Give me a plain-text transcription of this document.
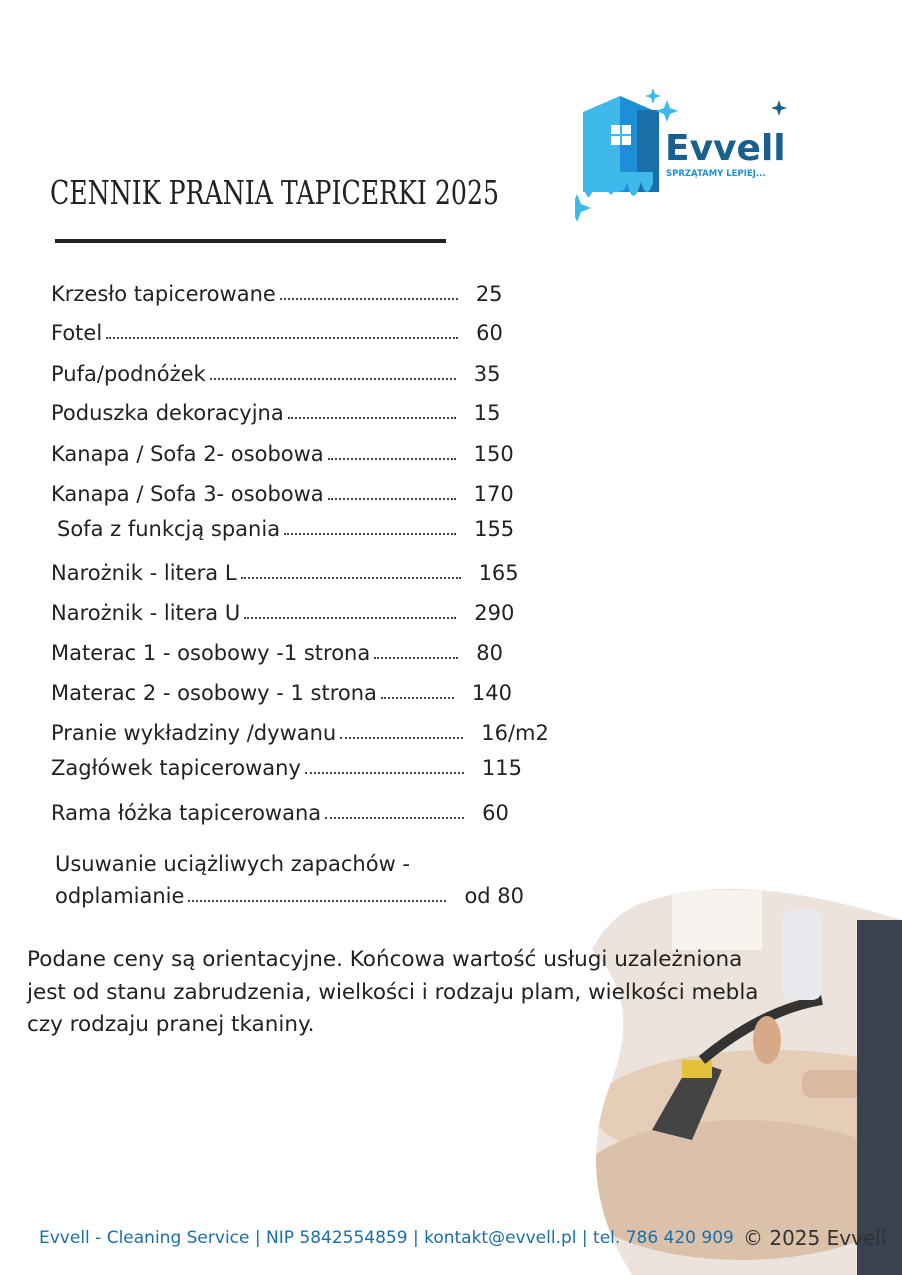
CENNIK PRANIA TAPICERKI 2025
Evvell
SPRZĄTAMY LEPIEJ...
Krzesło tapicerowane	25
Fotel	60
Pufa/podnóżek	35
Poduszka dekoracyjna	15
Kanapa / Sofa 2- osobowa	150
Kanapa / Sofa 3- osobowa	170
Sofa z funkcją spania	155
Narożnik - litera L	165
Narożnik - litera U	290
Materac 1 - osobowy -1 strona	80
Materac 2 - osobowy - 1 strona	140
Pranie wykładziny /dywanu	16/m2
Zagłówek tapicerowany	115
Rama łóżka tapicerowana	60
Usuwanie uciążliwych zapachów -
odplamianie	od 80
Podane ceny są orientacyjne. Końcowa wartość usługi uzależniona jest od stanu zabrudzenia, wielkości i rodzaju plam, wielkości mebla czy rodzaju pranej tkaniny.
Evvell - Cleaning Service | NIP 5842554859 | kontakt@evvell.pl | tel. 786 420 909 © 2025 Evvell
